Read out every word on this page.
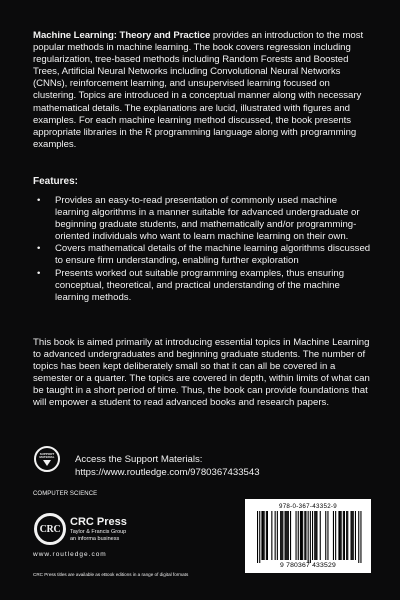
Machine Learning: Theory and Practice provides an introduction to the most popular methods in machine learning. The book covers regression including regularization, tree-based methods including Random Forests and Boosted Trees, Artificial Neural Networks including Convolutional Neural Networks (CNNs), reinforcement learning, and unsupervised learning focused on clustering. Topics are introduced in a conceptual manner along with necessary mathematical details. The explanations are lucid, illustrated with figures and examples. For each machine learning method discussed, the book presents appropriate libraries in the R programming language along with programming examples.
Features:
• Provides an easy-to-read presentation of commonly used machine learning algorithms in a manner suitable for advanced undergraduate or beginning graduate students, and mathematically and/or programming-oriented individuals who want to learn machine learning on their own.
• Covers mathematical details of the machine learning algorithms discussed to ensure firm understanding, enabling further exploration
• Presents worked out suitable programming examples, thus ensuring conceptual, theoretical, and practical understanding of the machine learning methods.
This book is aimed primarily at introducing essential topics in Machine Learning to advanced undergraduates and beginning graduate students. The number of topics has been kept deliberately small so that it can all be covered in a semester or a quarter. The topics are covered in depth, within limits of what can be taught in a short period of time. Thus, the book can provide foundations that will empower a student to read advanced books and research papers.
SUPPORT MATERIAL	Access the Support Materials:
https://www.routledge.com/9780367433543
COMPUTER SCIENCE
CRC
CRC Press
Taylor & Francis Group
an informa business
www.routledge.com
CRC Press titles are available as eBook editions in a range of digital formats
978-0-367-43352-9
9 780367 433529
